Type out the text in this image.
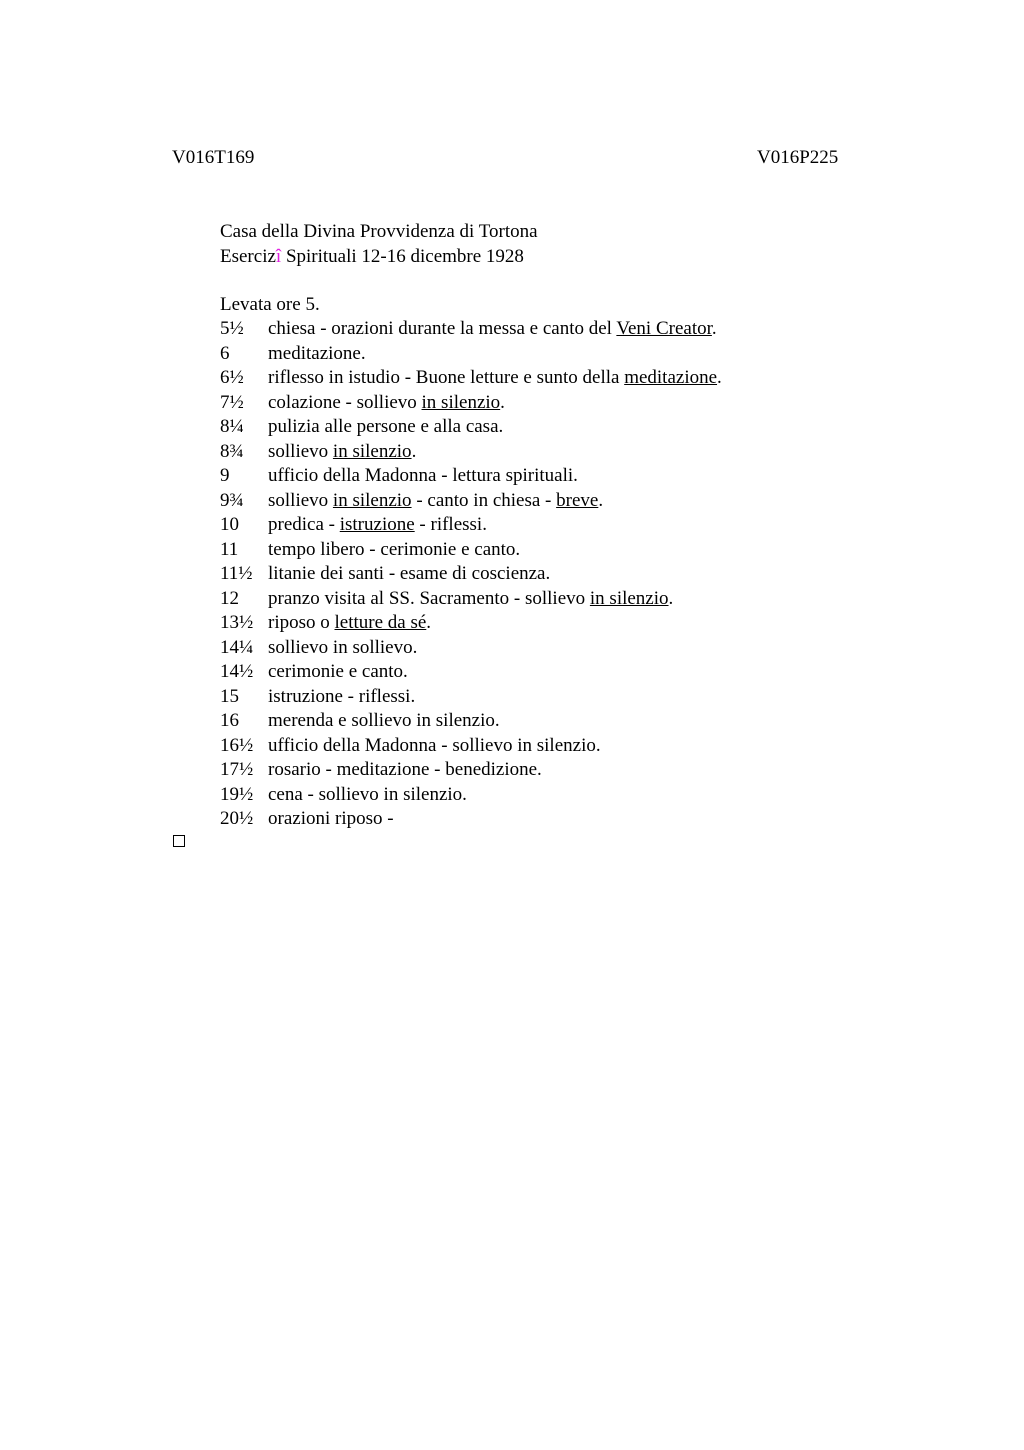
V016T169	V016P225
Casa della Divina Provvidenza di Tortona
Esercizî Spirituali 12-16 dicembre 1928
Levata ore 5.
5½ chiesa - orazioni durante la messa e canto del Veni Creator.
6 meditazione.
6½ riflesso in istudio - Buone letture e sunto della meditazione.
7½ colazione - sollievo in silenzio.
8¼ pulizia alle persone e alla casa.
8¾ sollievo in silenzio.
9 ufficio della Madonna - lettura spirituali.
9¾ sollievo in silenzio - canto in chiesa - breve.
10 predica - istruzione - riflessi.
11 tempo libero - cerimonie e canto.
11½ litanie dei santi - esame di coscienza.
12 pranzo visita al SS. Sacramento - sollievo in silenzio.
13½ riposo o letture da sé.
14¼ sollievo in sollievo.
14½ cerimonie e canto.
15 istruzione - riflessi.
16 merenda e sollievo in silenzio.
16½ ufficio della Madonna - sollievo in silenzio.
17½ rosario - meditazione - benedizione.
19½ cena - sollievo in silenzio.
20½ orazioni riposo -
